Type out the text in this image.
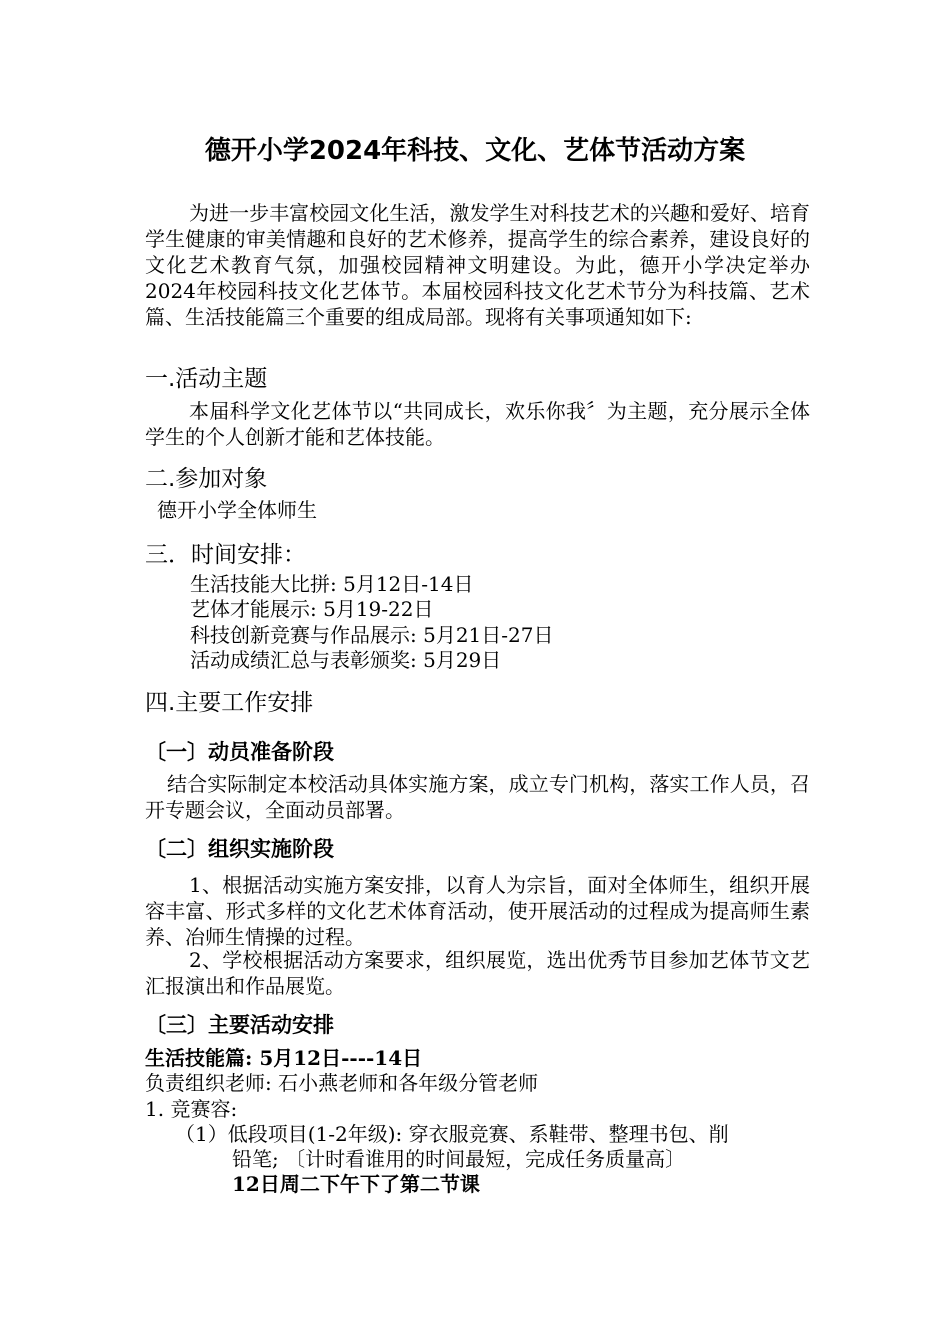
德开小学2024年科技、文化、艺体节活动方案
为进一步丰富校园文化生活，激发学生对科技艺术的兴趣和爱好、培育学生健康的审美情趣和良好的艺术修养，提高学生的综合素养，建设良好的文化艺术教育气氛，加强校园精神文明建设。为此，德开小学决定举办2024年校园科技文化艺体节。本届校园科技文化艺术节分为科技篇、艺术篇、生活技能篇三个重要的组成局部。现将有关事项通知如下:
一.活动主题
本届科学文化艺体节以“共同成长，欢乐你我〞为主题，充分展示全体学生的个人创新才能和艺体技能。
二.参加对象
德开小学全体师生
三．时间安排：
生活技能大比拼: 5月12日-14日
艺体才能展示: 5月19-22日
科技创新竞赛与作品展示: 5月21日-27日
活动成绩汇总与表彰颁奖: 5月29日
四.主要工作安排
〔一〕动员准备阶段
结合实际制定本校活动具体实施方案，成立专门机构，落实工作人员，召开专题会议，全面动员部署。
〔二〕组织实施阶段
1、根据活动实施方案安排，以育人为宗旨，面对全体师生，组织开展容丰富、形式多样的文化艺术体育活动，使开展活动的过程成为提高师生素养、冶师生情操的过程。
2、学校根据活动方案要求，组织展览，选出优秀节目参加艺体节文艺汇报演出和作品展览。
〔三〕主要活动安排
生活技能篇: 5月12日----14日
负责组织老师: 石小燕老师和各年级分管老师
1. 竞赛容:
（1）低段项目(1-2年级): 穿衣服竞赛、系鞋带、整理书包、削
铅笔; 〔计时看谁用的时间最短，完成任务质量高〕
12日周二下午下了第二节课
